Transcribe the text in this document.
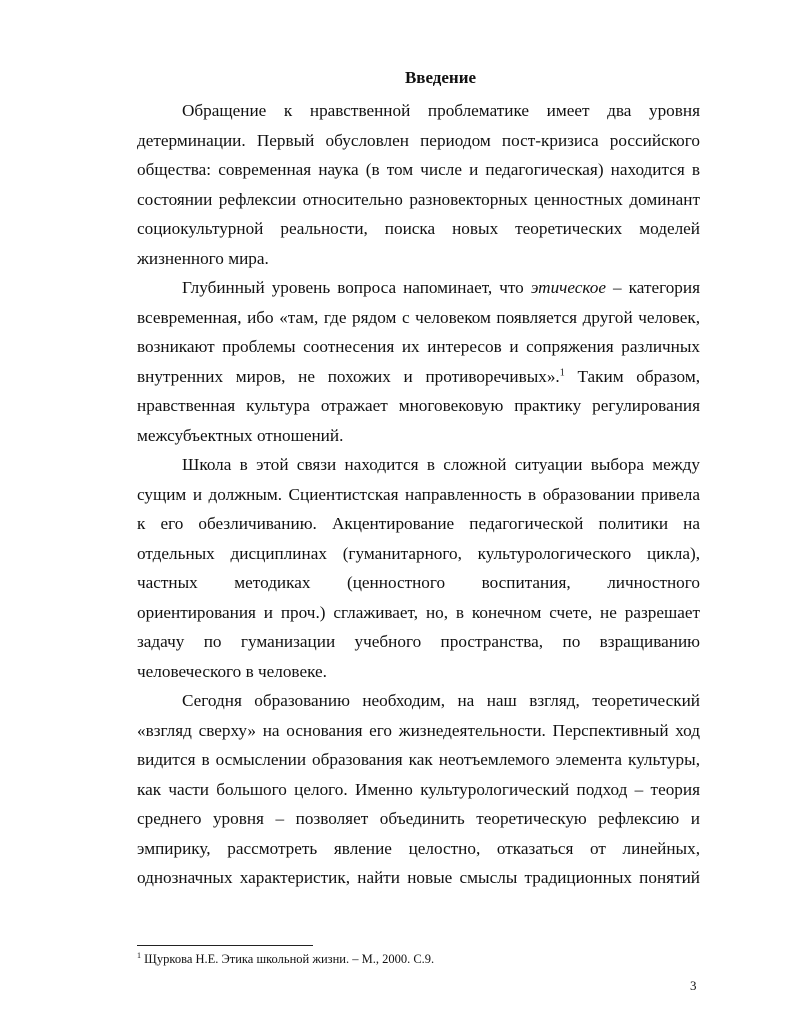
Введение
Обращение к нравственной проблематике имеет два уровня
детерминации. Первый обусловлен периодом пост-кризиса российского
общества: современная наука (в том числе и педагогическая) находится в
состоянии рефлексии относительно разновекторных ценностных доминант
социокультурной реальности, поиска новых теоретических моделей
жизненного мира.
Глубинный уровень вопроса напоминает, что этическое – категория
всевременная, ибо «там, где рядом с человеком появляется другой человек,
возникают проблемы соотнесения их интересов и сопряжения различных
внутренних миров, не похожих и противоречивых».$^1$ Таким образом,
нравственная культура отражает многовековую практику регулирования
межсубъектных отношений.
Школа в этой связи находится в сложной ситуации выбора между
сущим и должным. Сциентистская направленность в образовании привела
к его обезличиванию. Акцентирование педагогической политики на
отдельных дисциплинах (гуманитарного, культурологического цикла),
частных методиках (ценностного воспитания, личностного
ориентирования и проч.) сглаживает, но, в конечном счете, не разрешает
задачу по гуманизации учебного пространства, по взращиванию
человеческого в человеке.
Сегодня образованию необходим, на наш взгляд, теоретический
«взгляд сверху» на основания его жизнедеятельности. Перспективный ход
видится в осмыслении образования как неотъемлемого элемента культуры,
как части большого целого. Именно культурологический подход – теория
среднего уровня – позволяет объединить теоретическую рефлексию и
эмпирику, рассмотреть явление целостно, отказаться от линейных,
однозначных характеристик, найти новые смыслы традиционных понятий
$^1$ Щуркова Н.Е. Этика школьной жизни. – М., 2000. С.9.
3
